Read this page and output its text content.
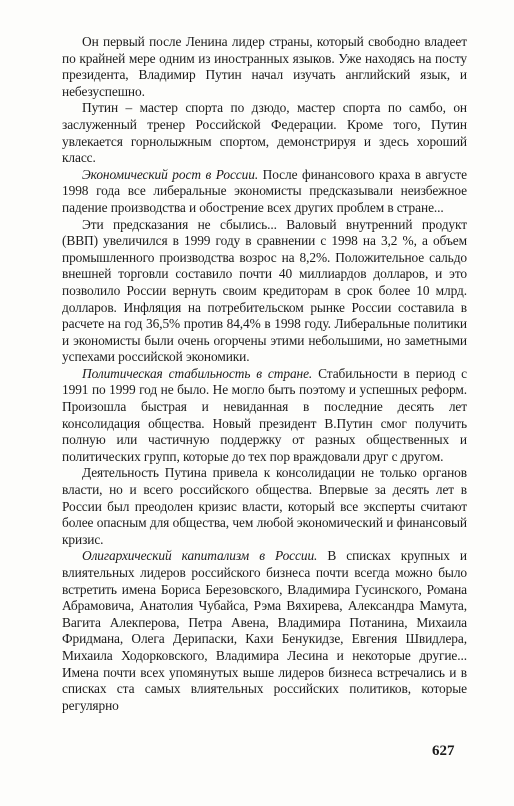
Он первый после Ленина лидер страны, который свободно владеет по крайней мере одним из иностранных языков. Уже находясь на посту президента, Владимир Путин начал изучать английский язык, и небезуспешно.

Путин – мастер спорта по дзюдо, мастер спорта по самбо, он заслуженный тренер Российской Федерации. Кроме того, Путин увлекается горнолыжным спортом, демонстрируя и здесь хороший класс.

Экономический рост в России. После финансового краха в августе 1998 года все либеральные экономисты предсказывали неизбежное падение производства и обострение всех других проблем в стране...

Эти предсказания не сбылись... Валовый внутренний продукт (ВВП) увеличился в 1999 году в сравнении с 1998 на 3,2 %, а объем промышленного производства возрос на 8,2%. Положительное сальдо внешней торговли составило почти 40 миллиардов долларов, и это позволило России вернуть своим кредиторам в срок более 10 млрд. долларов. Инфляция на потребительском рынке России составила в расчете на год 36,5% против 84,4% в 1998 году. Либеральные политики и экономисты были очень огорчены этими небольшими, но заметными успехами российской экономики.

Политическая стабильность в стране. Стабильности в период с 1991 по 1999 год не было. Не могло быть поэтому и успешных реформ. Произошла быстрая и невиданная в последние десять лет консолидация общества. Новый президент В.Путин смог получить полную или частичную поддержку от разных общественных и политических групп, которые до тех пор враждовали друг с другом.

Деятельность Путина привела к консолидации не только органов власти, но и всего российского общества. Впервые за десять лет в России был преодолен кризис власти, который все эксперты считают более опасным для общества, чем любой экономический и финансовый кризис.

Олигархический капитализм в России. В списках крупных и влиятельных лидеров российского бизнеса почти всегда можно было встретить имена Бориса Березовского, Владимира Гусинского, Романа Абрамовича, Анатолия Чубайса, Рэма Вяхирева, Александра Мамута, Вагита Алекперова, Петра Авена, Владимира Потанина, Михаила Фридмана, Олега Дерипаски, Кахи Бенукидзе, Евгения Швидлера, Михаила Ходорковского, Владимира Лесина и некоторые другие... Имена почти всех упомянутых выше лидеров бизнеса встречались и в списках ста самых влиятельных российских политиков, которые регулярно

627
